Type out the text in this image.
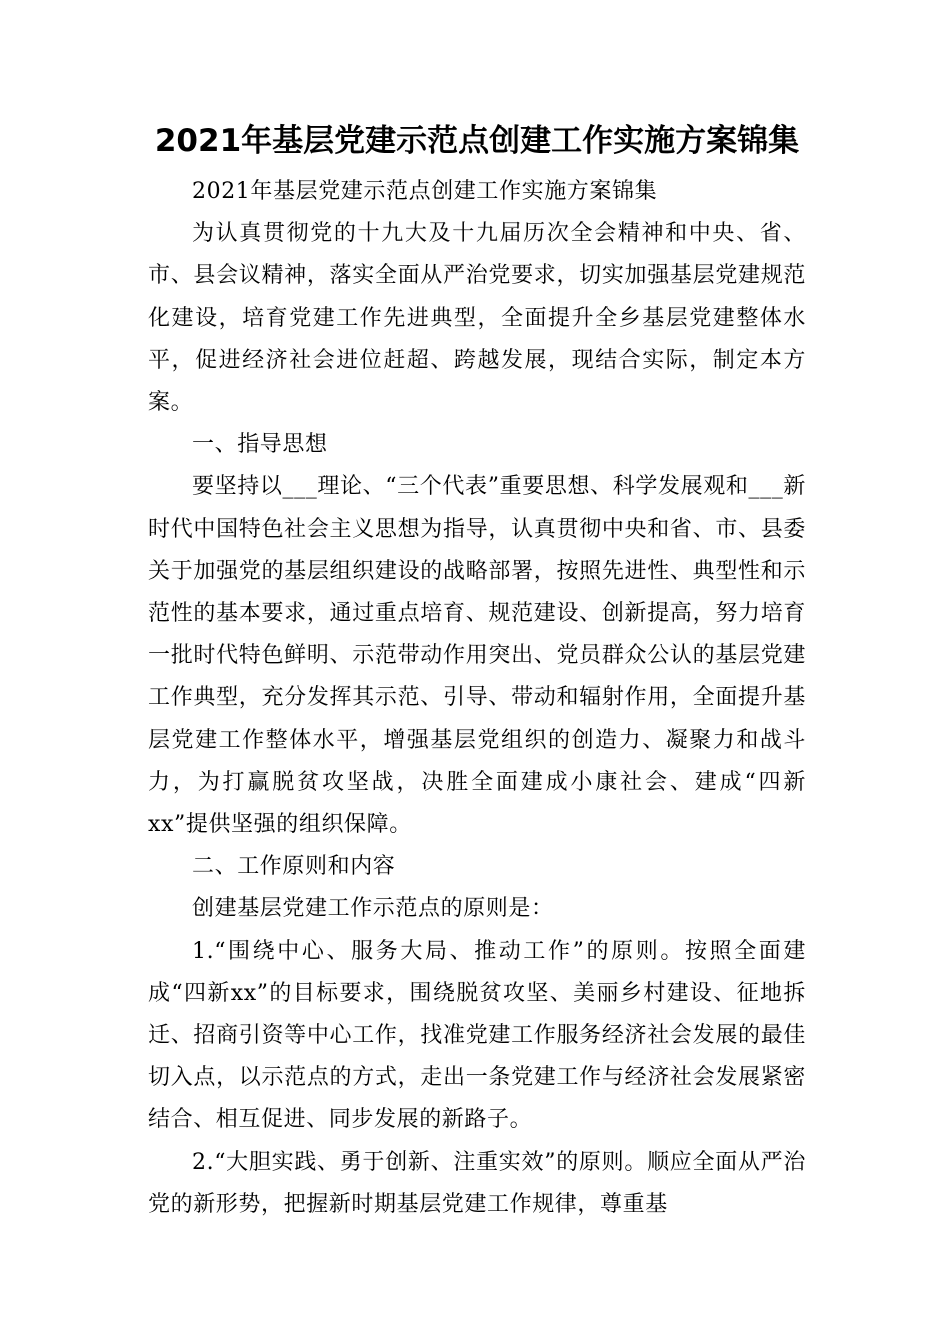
2021年基层党建示范点创建工作实施方案锦集

2021年基层党建示范点创建工作实施方案锦集

为认真贯彻党的十九大及十九届历次全会精神和中央、省、市、县会议精神，落实全面从严治党要求，切实加强基层党建规范化建设，培育党建工作先进典型，全面提升全乡基层党建整体水平，促进经济社会进位赶超、跨越发展，现结合实际，制定本方案。

一、指导思想

要坚持以___理论、“三个代表”重要思想、科学发展观和___新时代中国特色社会主义思想为指导，认真贯彻中央和省、市、县委关于加强党的基层组织建设的战略部署，按照先进性、典型性和示范性的基本要求，通过重点培育、规范建设、创新提高，努力培育一批时代特色鲜明、示范带动作用突出、党员群众公认的基层党建工作典型，充分发挥其示范、引导、带动和辐射作用，全面提升基层党建工作整体水平，增强基层党组织的创造力、凝聚力和战斗力，为打赢脱贫攻坚战，决胜全面建成小康社会、建成“四新xx”提供坚强的组织保障。

二、工作原则和内容

创建基层党建工作示范点的原则是：

1.“围绕中心、服务大局、推动工作”的原则。按照全面建成“四新xx”的目标要求，围绕脱贫攻坚、美丽乡村建设、征地拆迁、招商引资等中心工作，找准党建工作服务经济社会发展的最佳切入点，以示范点的方式，走出一条党建工作与经济社会发展紧密结合、相互促进、同步发展的新路子。

2.“大胆实践、勇于创新、注重实效”的原则。顺应全面从严治党的新形势，把握新时期基层党建工作规律，尊重基
